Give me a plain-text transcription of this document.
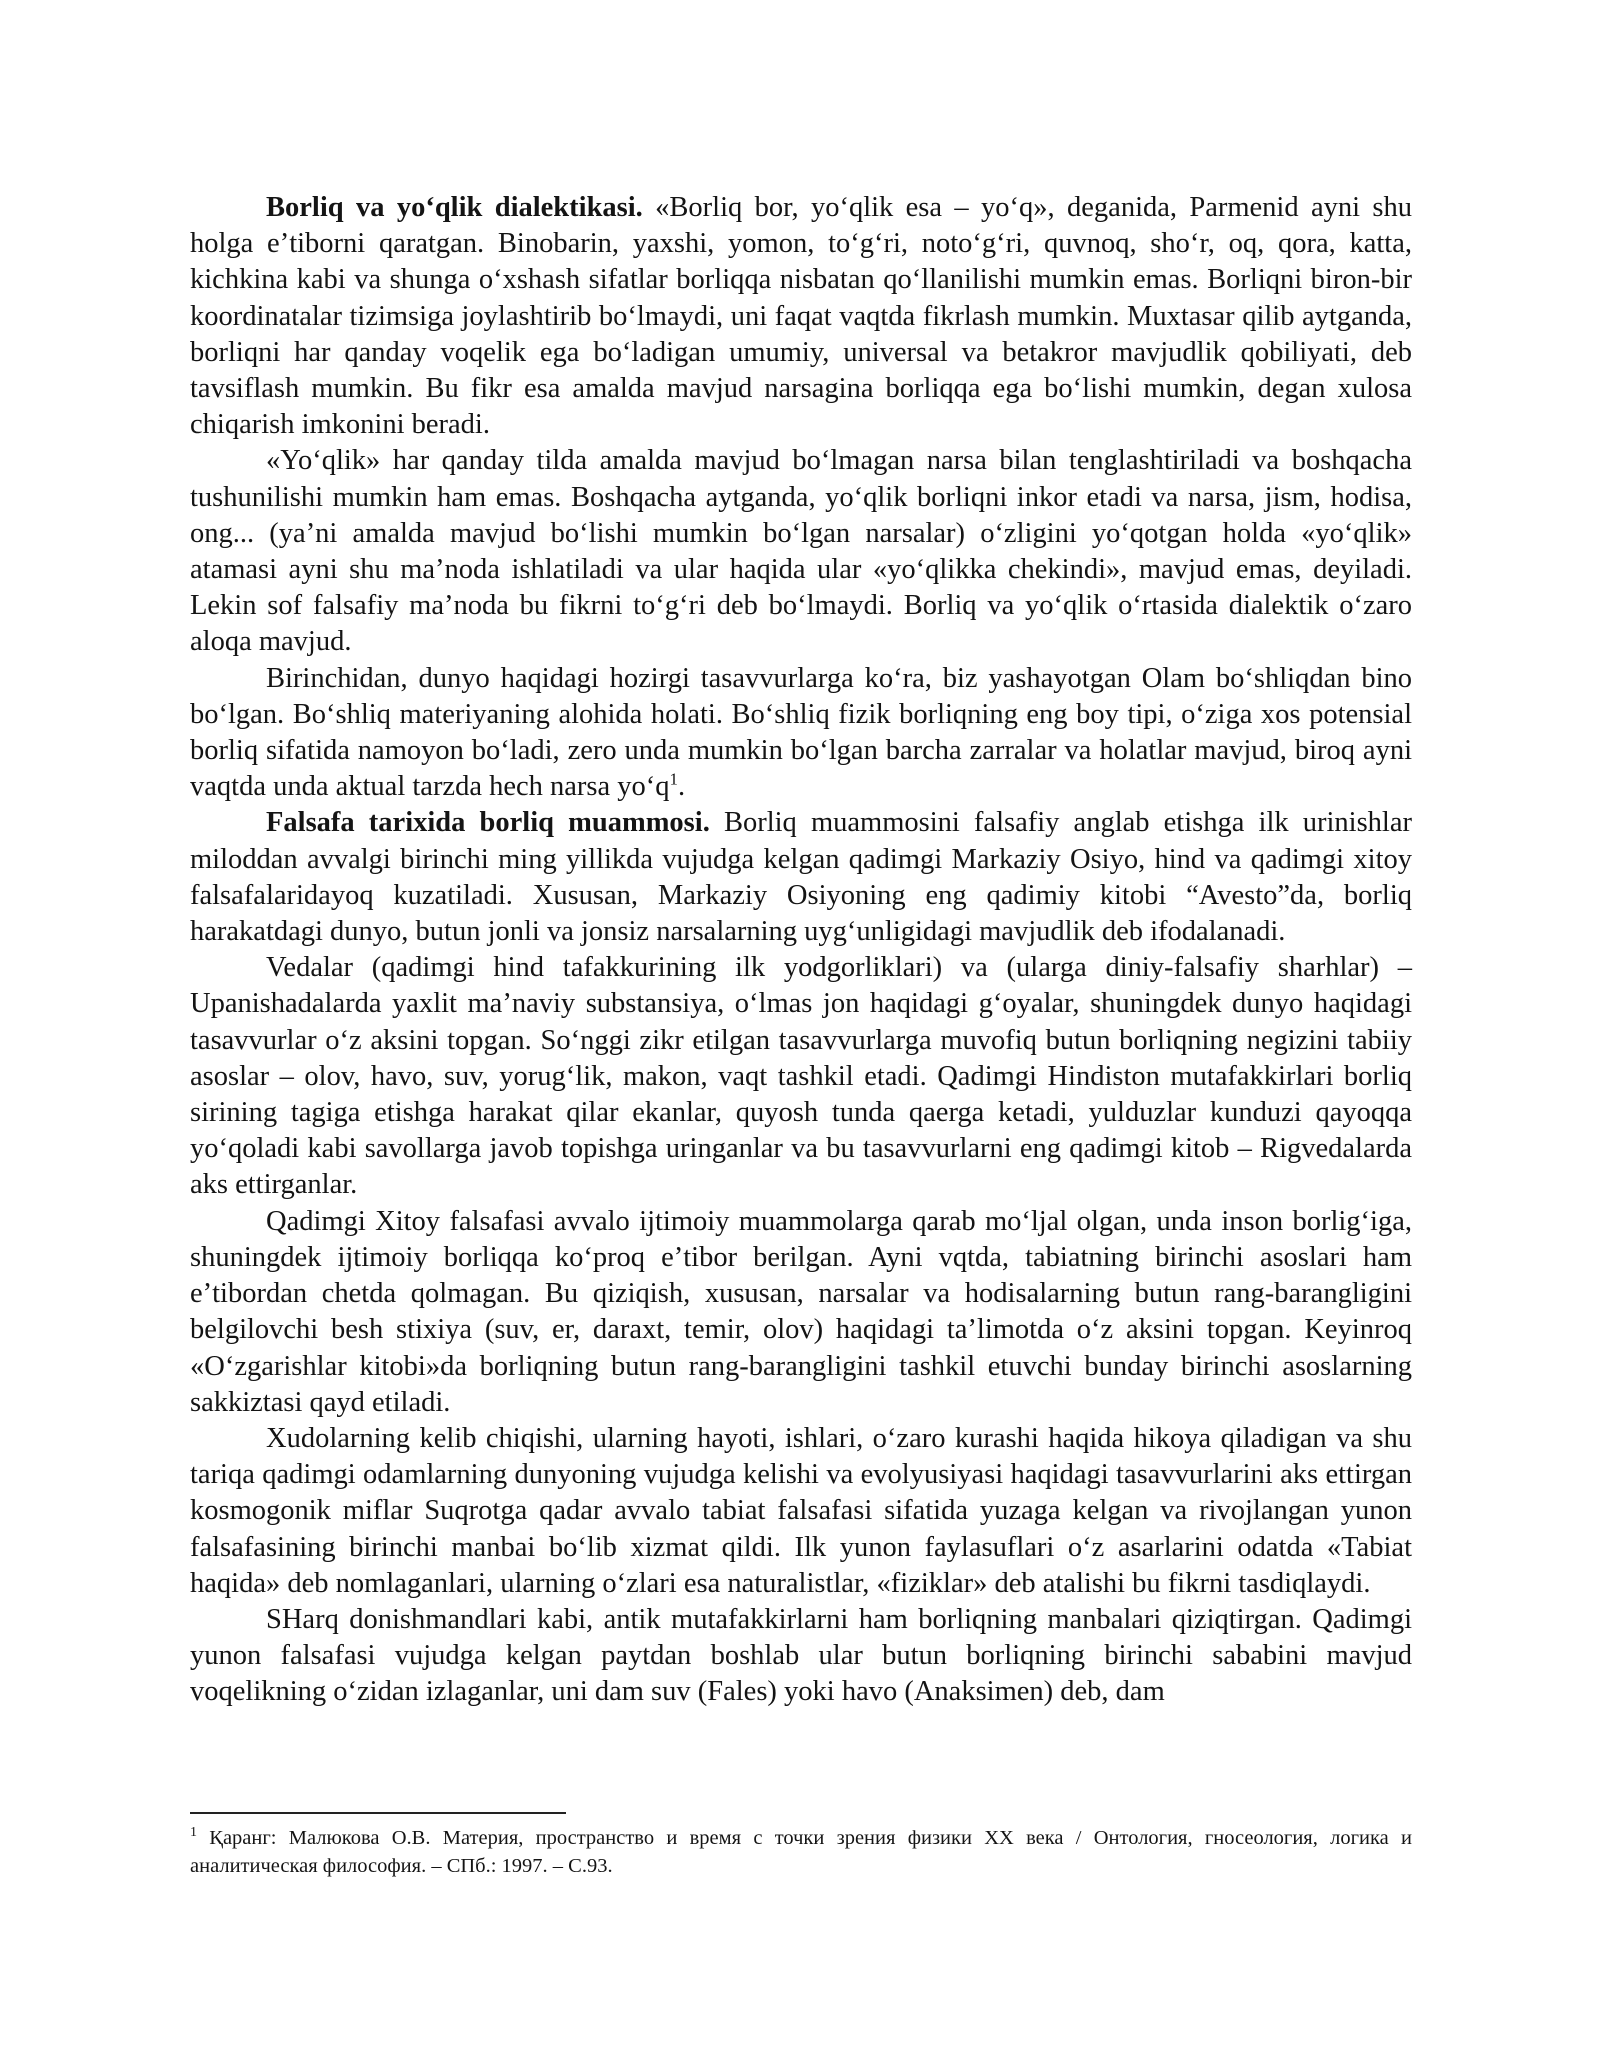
Borliq va yoʻqlik dialektikasi. «Borliq bor, yoʻqlik esa – yoʻq», deganida, Parmenid ayni shu holga eʼtiborni qaratgan. Binobarin, yaxshi, yomon, toʻgʻri, notoʻgʻri, quvnoq, shoʻr, oq, qora, katta, kichkina kabi va shunga oʻxshash sifatlar borliqqa nisbatan qoʻllanilishi mumkin emas. Borliqni biron-bir koordinatalar tizimsiga joylashtirib boʻlmaydi, uni faqat vaqtda fikrlash mumkin. Muxtasar qilib aytganda, borliqni har qanday voqelik ega boʻladigan umumiy, universal va betakror mavjudlik qobiliyati, deb tavsiflash mumkin. Bu fikr esa amalda mavjud narsagina borliqqa ega boʻlishi mumkin, degan xulosa chiqarish imkonini beradi.

«Yoʻqlik» har qanday tilda amalda mavjud boʻlmagan narsa bilan tenglashtiriladi va boshqacha tushunilishi mumkin ham emas. Boshqacha aytganda, yoʻqlik borliqni inkor etadi va narsa, jism, hodisa, ong... (yaʼni amalda mavjud boʻlishi mumkin boʻlgan narsalar) oʻzligini yoʻqotgan holda «yoʻqlik» atamasi ayni shu maʼnoda ishlatiladi va ular haqida ular «yoʻqlikka chekindi», mavjud emas, deyiladi. Lekin sof falsafiy maʼnoda bu fikrni toʻgʻri deb boʻlmaydi. Borliq va yoʻqlik oʻrtasida dialektik oʻzaro aloqa mavjud.

Birinchidan, dunyo haqidagi hozirgi tasavvurlarga koʻra, biz yashayotgan Olam boʻshliqdan bino boʻlgan. Boʻshliq materiyaning alohida holati. Boʻshliq fizik borliqning eng boy tipi, oʻziga xos potensial borliq sifatida namoyon boʻladi, zero unda mumkin boʻlgan barcha zarralar va holatlar mavjud, biroq ayni vaqtda unda aktual tarzda hech narsa yoʻq$^1$.

Falsafa tarixida borliq muammosi. Borliq muammosini falsafiy anglab etishga ilk urinishlar miloddan avvalgi birinchi ming yillikda vujudga kelgan qadimgi Markaziy Osiyo, hind va qadimgi xitoy falsafalaridayoq kuzatiladi. Xususan, Markaziy Osiyoning eng qadimiy kitobi “Avesto”da, borliq harakatdagi dunyo, butun jonli va jonsiz narsalarning uygʻunligidagi mavjudlik deb ifodalanadi.

Vedalar (qadimgi hind tafakkurining ilk yodgorliklari) va (ularga diniy-falsafiy sharhlar) – Upanishadalarda yaxlit maʼnaviy substansiya, oʻlmas jon haqidagi gʻoyalar, shuningdek dunyo haqidagi tasavvurlar oʻz aksini topgan. Soʻnggi zikr etilgan tasavvurlarga muvofiq butun borliqning negizini tabiiy asoslar – olov, havo, suv, yorugʻlik, makon, vaqt tashkil etadi. Qadimgi Hindiston mutafakkirlari borliq sirining tagiga etishga harakat qilar ekanlar, quyosh tunda qaerga ketadi, yulduzlar kunduzi qayoqqa yoʻqoladi kabi savollarga javob topishga uringanlar va bu tasavvurlarni eng qadimgi kitob – Rigvedalarda aks ettirganlar.

Qadimgi Xitoy falsafasi avvalo ijtimoiy muammolarga qarab moʻljal olgan, unda inson borligʻiga, shuningdek ijtimoiy borliqqa koʻproq eʼtibor berilgan. Ayni vqtda, tabiatning birinchi asoslari ham eʼtibordan chetda qolmagan. Bu qiziqish, xususan, narsalar va hodisalarning butun rang-barangligini belgilovchi besh stixiya (suv, er, daraxt, temir, olov) haqidagi taʼlimotda oʻz aksini topgan. Keyinroq «Oʻzgarishlar kitobi»da borliqning butun rang-barangligini tashkil etuvchi bunday birinchi asoslarning sakkiztasi qayd etiladi.

Xudolarning kelib chiqishi, ularning hayoti, ishlari, oʻzaro kurashi haqida hikoya qiladigan va shu tariqa qadimgi odamlarning dunyoning vujudga kelishi va evolyusiyasi haqidagi tasavvurlarini aks ettirgan kosmogonik miflar Suqrotga qadar avvalo tabiat falsafasi sifatida yuzaga kelgan va rivojlangan yunon falsafasining birinchi manbai boʻlib xizmat qildi. Ilk yunon faylasuflari oʻz asarlarini odatda «Tabiat haqida» deb nomlaganlari, ularning oʻzlari esa naturalistlar, «fiziklar» deb atalishi bu fikrni tasdiqlaydi.

SHarq donishmandlari kabi, antik mutafakkirlarni ham borliqning manbalari qiziqtirgan. Qadimgi yunon falsafasi vujudga kelgan paytdan boshlab ular butun borliqning birinchi sababini mavjud voqelikning oʻzidan izlaganlar, uni dam suv (Fales) yoki havo (Anaksimen) deb, dam

$^1$ Қаранг: Малюкова О.В. Материя, пространство и время с точки зрения физики ХХ века / Онтология, гносеология, логика и аналитическая философия. – СПб.: 1997. – С.93.
